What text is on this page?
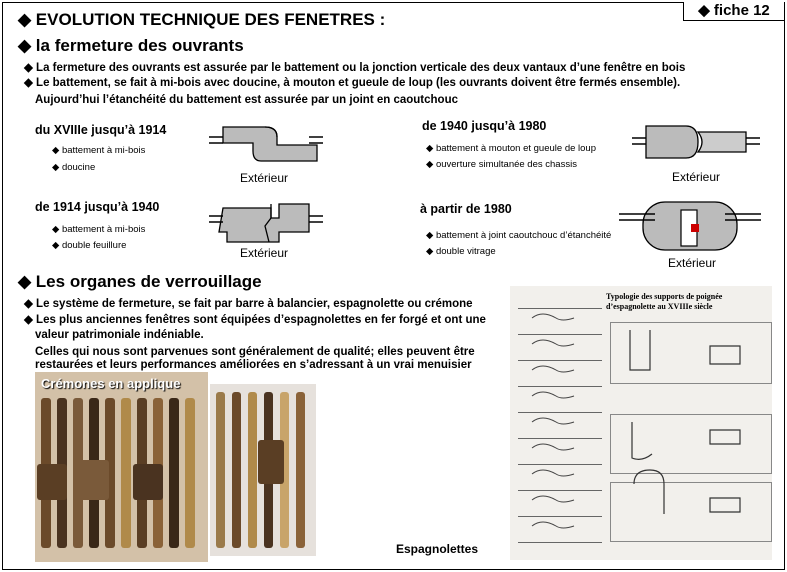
◆ fiche 12
◆ EVOLUTION TECHNIQUE DES FENETRES :
◆ la fermeture des ouvrants
◆ La fermeture des ouvrants est assurée par le battement ou la jonction verticale des deux vantaux d’une fenêtre en bois
◆ Le battement, se fait à mi-bois avec doucine, à mouton et gueule de loup (les ouvrants doivent être fermés ensemble).
Aujourd’hui l’étanchéité du battement est assurée par un joint en caoutchouc
du XVIIIe jusqu’à 1914
◆ battement à mi-bois
◆ doucine
Extérieur
de 1940 jusqu’à 1980
◆ battement à mouton et gueule de loup
◆ ouverture simultanée des chassis
Extérieur
de 1914 jusqu’à 1940
◆ battement à mi-bois
◆ double feuillure
Extérieur
à partir de 1980
◆ battement à joint caoutchouc d’étanchéité
◆ double vitrage
Extérieur
◆ Les organes de verrouillage
◆ Le système de fermeture, se fait par barre à balancier, espagnolette ou crémone
◆ Les plus anciennes fenêtres sont équipées d’espagnolettes en fer forgé et ont une
valeur patrimoniale indéniable.
Celles qui nous sont parvenues sont généralement de qualité; elles peuvent être
restaurées et leurs performances améliorées en s’adressant à un vrai menuisier
Crémones en applique
Typologie des supports de poignée
d’espagnolette au XVIIIe siècle
Espagnolettes
